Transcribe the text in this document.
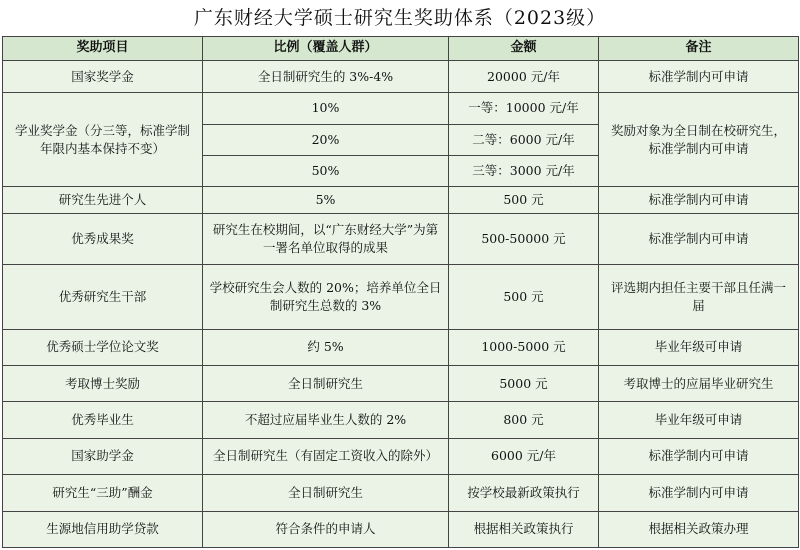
广东财经大学硕士研究生奖助体系（2023级）
奖助项目	比例（覆盖人群）	金额	备注
国家奖学金	全日制研究生的 3%-4%	20000 元/年	标准学制内可申请
学业奖学金（分三等，标准学制年限内基本保持不变）	10%	一等：10000 元/年	奖励对象为全日制在校研究生，标准学制内可申请
	20%	二等：6000 元/年	
	50%	三等：3000 元/年	
研究生先进个人	5%	500 元	标准学制内可申请
优秀成果奖	研究生在校期间，以“广东财经大学”为第一署名单位取得的成果	500-50000 元	标准学制内可申请
优秀研究生干部	学校研究生会人数的 20%；培养单位全日制研究生总数的 3%	500 元	评选期内担任主要干部且任满一届
优秀硕士学位论文奖	约 5%	1000-5000 元	毕业年级可申请
考取博士奖励	全日制研究生	5000 元	考取博士的应届毕业研究生
优秀毕业生	不超过应届毕业生人数的 2%	800 元	毕业年级可申请
国家助学金	全日制研究生（有固定工资收入的除外）	6000 元/年	标准学制内可申请
研究生“三助”酬金	全日制研究生	按学校最新政策执行	标准学制内可申请
生源地信用助学贷款	符合条件的申请人	根据相关政策执行	根据相关政策办理
